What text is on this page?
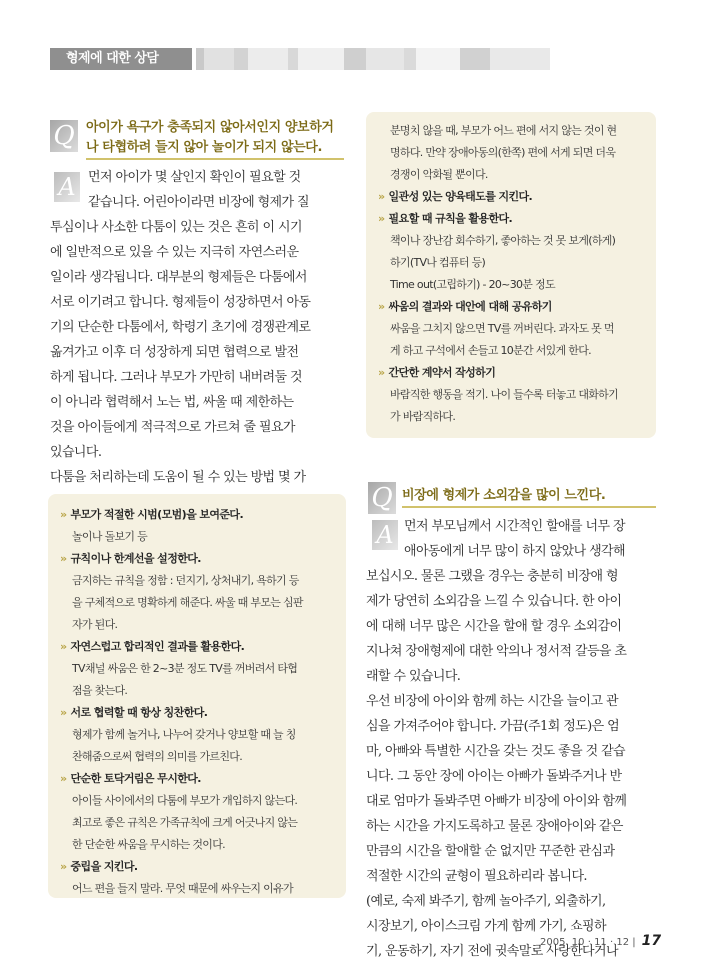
형제에 대한 상담
Q 아이가 욕구가 충족되지 않아서인지 양보하거
나 타협하려 들지 않아 놀이가 되지 않는다.
A 먼저 아이가 몇 살인지 확인이 필요할 것
같습니다. 어린아이라면 비장에 형제가 질
투심이나 사소한 다툼이 있는 것은 흔히 이 시기
에 일반적으로 있을 수 있는 지극히 자연스러운
일이라 생각됩니다. 대부분의 형제들은 다툼에서
서로 이기려고 합니다. 형제들이 성장하면서 아동
기의 단순한 다툼에서, 학령기 초기에 경쟁관계로
옮겨가고 이후 더 성장하게 되면 협력으로 발전
하게 됩니다. 그러나 부모가 가만히 내버려둘 것
이 아니라 협력해서 노는 법, 싸울 때 제한하는
것을 아이들에게 적극적으로 가르쳐 줄 필요가
있습니다.
다툼을 처리하는데 도움이 될 수 있는 방법 몇 가
» 부모가 적절한 시범(모범)을 보여준다.
놀이나 돌보기 등
» 규칙이나 한계선을 설정한다.
금지하는 규칙을 정함 : 던지기, 상처내기, 욕하기 등
을 구체적으로 명확하게 해준다. 싸울 때 부모는 심판
자가 된다.
» 자연스럽고 합리적인 결과를 활용한다.
TV채널 싸움은 한 2~3분 정도 TV를 꺼버려서 타협
점을 찾는다.
» 서로 협력할 때 항상 칭찬한다.
형제가 함께 놀거나, 나누어 갖거나 양보할 때 늘 칭
찬해줌으로써 협력의 의미를 가르친다.
» 단순한 토닥거림은 무시한다.
아이들 사이에서의 다툼에 부모가 개입하지 않는다.
최고로 좋은 규칙은 가족규칙에 크게 어긋나지 않는
한 단순한 싸움을 무시하는 것이다.
» 중립을 지킨다.
어느 편을 들지 말라. 무엇 때문에 싸우는지 이유가
분명치 않을 때, 부모가 어느 편에 서지 않는 것이 현
명하다. 만약 장애아동의(한쪽) 편에 서게 되면 더욱
경쟁이 악화될 뿐이다.
» 일관성 있는 양육태도를 지킨다.
» 필요할 때 규칙을 활용한다.
책이나 장난감 회수하기, 좋아하는 것 못 보게(하게)
하기(TV나 컴퓨터 등)
Time out(고립하기) - 20~30분 정도
» 싸움의 결과와 대안에 대해 공유하기
싸움을 그치지 않으면 TV를 꺼버린다. 과자도 못 먹
게 하고 구석에서 손들고 10분간 서있게 한다.
» 간단한 계약서 작성하기
바람직한 행동을 적기. 나이 들수록 터놓고 대화하기
가 바람직하다.
Q 비장에 형제가 소외감을 많이 느낀다.
A 먼저 부모님께서 시간적인 할애를 너무 장
애아동에게 너무 많이 하지 않았나 생각해
보십시오. 물론 그랬을 경우는 충분히 비장애 형
제가 당연히 소외감을 느낄 수 있습니다. 한 아이
에 대해 너무 많은 시간을 할애 할 경우 소외감이
지나쳐 장애형제에 대한 악의나 정서적 갈등을 초
래할 수 있습니다.
우선 비장에 아이와 함께 하는 시간을 늘이고 관
심을 가져주어야 합니다. 가끔(주1회 정도)은 엄
마, 아빠와 특별한 시간을 갖는 것도 좋을 것 같습
니다. 그 동안 장에 아이는 아빠가 돌봐주거나 반
대로 엄마가 돌봐주면 아빠가 비장에 아이와 함께
하는 시간을 가지도록하고 물론 장애아이와 같은
만큼의 시간을 할애할 순 없지만 꾸준한 관심과
적절한 시간의 균형이 필요하리라 봅니다.
(예로, 숙제 봐주기, 함께 놀아주기, 외출하기,
시장보기, 아이스크림 가게 함께 가기, 쇼핑하
기, 운동하기, 자기 전에 귓속말로 사랑한다거나
2005. 10 · 11 · 12 | 17
